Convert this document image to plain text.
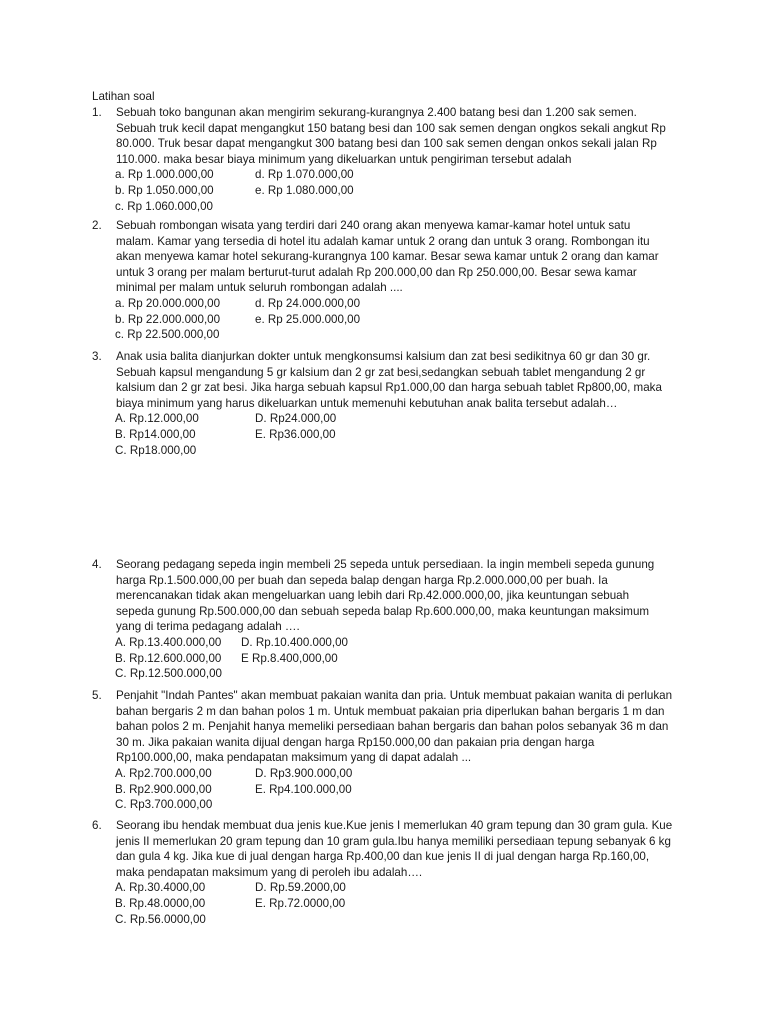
Latihan soal
1.	Sebuah toko bangunan akan mengirim sekurang-kurangnya 2.400 batang besi dan 1.200 sak semen.
Sebuah truk kecil dapat mengangkut 150 batang besi dan 100 sak semen dengan ongkos sekali angkut Rp
80.000. Truk besar dapat mengangkut 300 batang besi dan 100 sak semen dengan onkos sekali jalan Rp
110.000. maka besar biaya minimum yang dikeluarkan untuk pengiriman tersebut adalah
a. Rp 1.000.000,00	d. Rp 1.070.000,00
b. Rp 1.050.000,00	e. Rp 1.080.000,00
c. Rp 1.060.000,00
2.	Sebuah rombongan wisata yang terdiri dari 240 orang akan menyewa kamar-kamar hotel untuk satu
malam. Kamar yang tersedia di hotel itu adalah kamar untuk 2 orang dan untuk 3 orang. Rombongan itu
akan menyewa kamar hotel sekurang-kurangnya 100 kamar. Besar sewa kamar untuk 2 orang dan kamar
untuk 3 orang per malam berturut-turut adalah Rp 200.000,00 dan Rp 250.000,00. Besar sewa kamar
minimal per malam untuk seluruh rombongan adalah ....
a. Rp 20.000.000,00	d. Rp 24.000.000,00
b. Rp 22.000.000,00	e. Rp 25.000.000,00
c. Rp 22.500.000,00
3.	Anak usia balita dianjurkan dokter untuk mengkonsumsi kalsium dan zat besi sedikitnya 60 gr dan 30 gr.
Sebuah kapsul mengandung 5 gr kalsium dan 2 gr zat besi,sedangkan sebuah tablet mengandung 2 gr
kalsium dan 2 gr zat besi. Jika harga sebuah kapsul Rp1.000,00 dan harga sebuah tablet Rp800,00, maka
biaya minimum yang harus dikeluarkan untuk memenuhi kebutuhan anak balita tersebut adalah…
A. Rp.12.000,00	D. Rp24.000,00
B. Rp14.000,00	E. Rp36.000,00
C. Rp18.000,00
4.	Seorang pedagang sepeda ingin membeli 25 sepeda untuk persediaan. Ia ingin membeli sepeda gunung
harga Rp.1.500.000,00 per buah dan sepeda balap dengan harga Rp.2.000.000,00 per buah. Ia
merencanakan tidak akan mengeluarkan uang lebih dari Rp.42.000.000,00, jika keuntungan sebuah
sepeda gunung Rp.500.000,00 dan sebuah sepeda balap Rp.600.000,00, maka keuntungan maksimum
yang di terima pedagang adalah ….
A. Rp.13.400.000,00	D. Rp.10.400.000,00
B. Rp.12.600.000,00	E Rp.8.400,000,00
C. Rp.12.500.000,00
5.	Penjahit "Indah Pantes" akan membuat pakaian wanita dan pria. Untuk membuat pakaian wanita di perlukan
bahan bergaris 2 m dan bahan polos 1 m. Untuk membuat pakaian pria diperlukan bahan bergaris 1 m dan
bahan polos 2 m. Penjahit hanya memeliki persediaan bahan bergaris dan bahan polos sebanyak 36 m dan
30 m. Jika pakaian wanita dijual dengan harga Rp150.000,00 dan pakaian pria dengan harga
Rp100.000,00, maka pendapatan maksimum yang di dapat adalah ...
A. Rp2.700.000,00	D. Rp3.900.000,00
B. Rp2.900.000,00	E. Rp4.100.000,00
C. Rp3.700.000,00
6.	Seorang ibu hendak membuat dua jenis kue.Kue jenis I memerlukan 40 gram tepung dan 30 gram gula. Kue
jenis II memerlukan 20 gram tepung dan 10 gram gula.Ibu hanya memiliki persediaan tepung sebanyak 6 kg
dan gula 4 kg. Jika kue di jual dengan harga Rp.400,00 dan kue jenis II di jual dengan harga Rp.160,00,
maka pendapatan maksimum yang di peroleh ibu adalah….
A. Rp.30.4000,00	D. Rp.59.2000,00
B. Rp.48.0000,00	E. Rp.72.0000,00
C. Rp.56.0000,00
